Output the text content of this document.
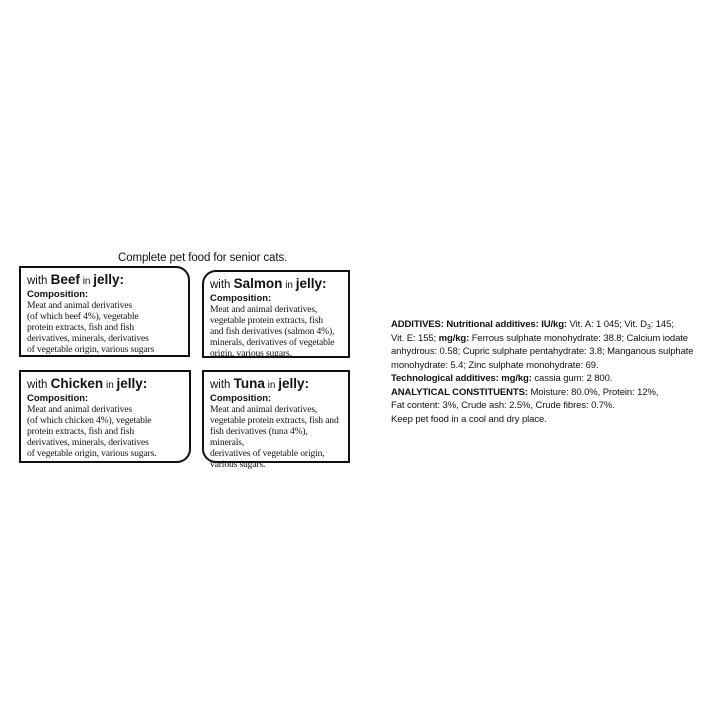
Complete pet food for senior cats.
with Beef in jelly:
Composition:
Meat and animal derivatives
(of which beef 4%), vegetable
protein extracts, fish and fish
derivatives, minerals, derivatives
of vegetable origin, various sugars
with Salmon in jelly:
Composition:
Meat and animal derivatives,
vegetable protein extracts, fish
and fish derivatives (salmon 4%),
minerals, derivatives of vegetable
origin, various sugars.
with Chicken in jelly:
Composition:
Meat and animal derivatives
(of which chicken 4%), vegetable
protein extracts, fish and fish
derivatives, minerals, derivatives
of vegetable origin, various sugars.
with Tuna in jelly:
Composition:
Meat and animal derivatives,
vegetable protein extracts, fish and
fish derivatives (tuna 4%), minerals,
derivatives of vegetable origin,
various sugars.

ADDITIVES: Nutritional additives: IU/kg: Vit. A: 1 045; Vit. $D_3$: 145;

Vit. E: 155; mg/kg: Ferrous sulphate monohydrate: 38.8; Calcium iodate

anhydrous: 0.58; Cupric sulphate pentahydrate: 3.8; Manganous sulphate

monohydrate: 5.4; Zinc sulphate monohydrate: 69.

Technological additives: mg/kg: cassia gum: 2 800.

ANALYTICAL CONSTITUENTS: Moisture: 80.0%, Protein: 12%,

Fat content: 3%, Crude ash: 2.5%, Crude fibres: 0.7%.

Keep pet food in a cool and dry place.
